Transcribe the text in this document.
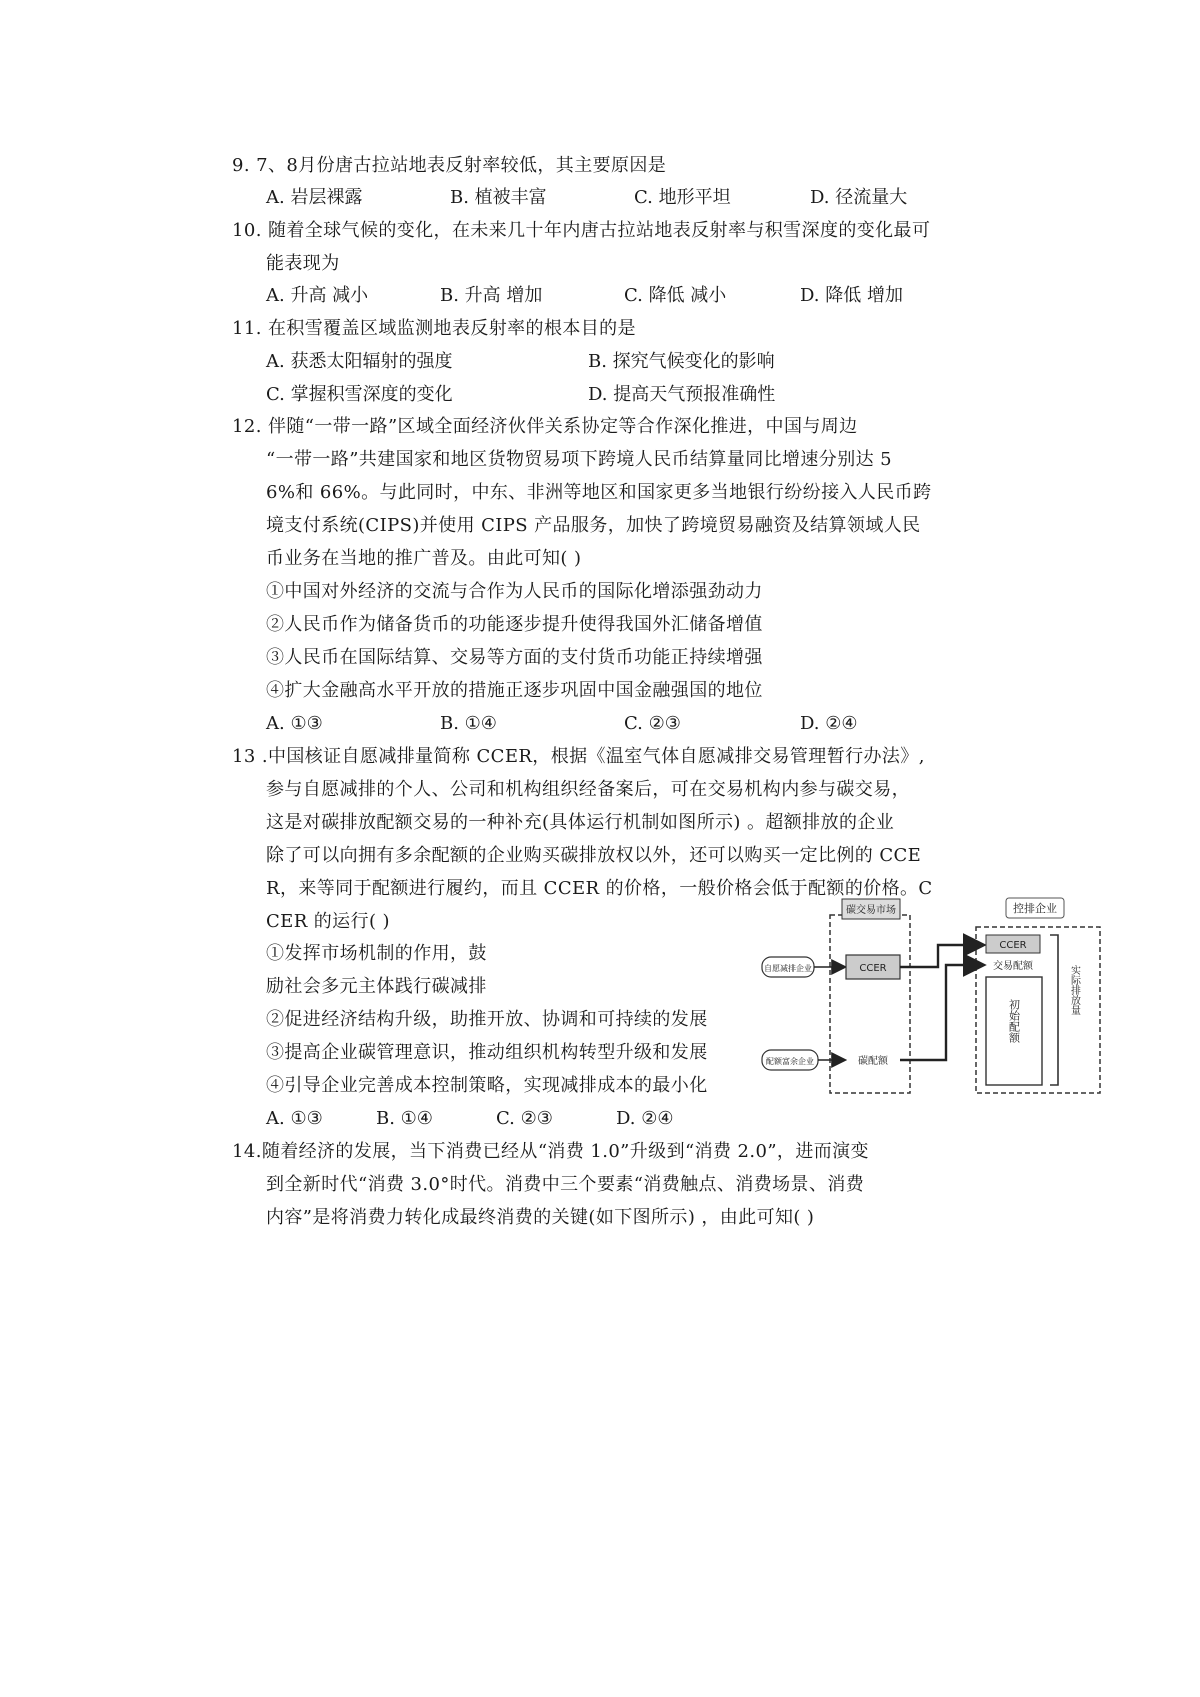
9. 7、8月份唐古拉站地表反射率较低，其主要原因是
A. 岩层裸露	B. 植被丰富	C. 地形平坦	D. 径流量大
10. 随着全球气候的变化，在未来几十年内唐古拉站地表反射率与积雪深度的变化最可
能表现为
A. 升高 减小	B. 升高 增加	C. 降低 减小	D. 降低 增加
11. 在积雪覆盖区域监测地表反射率的根本目的是
A. 获悉太阳辐射的强度	B. 探究气候变化的影响
C. 掌握积雪深度的变化	D. 提高天气预报准确性
12. 伴随“一带一路”区域全面经济伙伴关系协定等合作深化推进，中国与周边
“一带一路”共建国家和地区货物贸易项下跨境人民币结算量同比增速分别达 5
6%和 66%。与此同时，中东、非洲等地区和国家更多当地银行纷纷接入人民币跨
境支付系统(CIPS)并使用 CIPS 产品服务，加快了跨境贸易融资及结算领域人民
币业务在当地的推广普及。由此可知( )
①中国对外经济的交流与合作为人民币的国际化增添强劲动力
②人民币作为储备货币的功能逐步提升使得我国外汇储备增值
③人民币在国际结算、交易等方面的支付货币功能正持续增强
④扩大金融高水平开放的措施正逐步巩固中国金融强国的地位
A. ①③	B. ①④	C. ②③	D. ②④
13 .中国核证自愿减排量简称 CCER，根据《温室气体自愿减排交易管理暂行办法》,
参与自愿减排的个人、公司和机构组织经备案后，可在交易机构内参与碳交易，
这是对碳排放配额交易的一种补充(具体运行机制如图所示) 。超额排放的企业
除了可以向拥有多余配额的企业购买碳排放权以外，还可以购买一定比例的 CCE
R，来等同于配额进行履约，而且 CCER 的价格，一般价格会低于配额的价格。C
CER 的运行( )
①发挥市场机制的作用，鼓
励社会多元主体践行碳减排
②促进经济结构升级，助推开放、协调和可持续的发展
③提高企业碳管理意识，推动组织机构转型升级和发展
④引导企业完善成本控制策略，实现减排成本的最小化
A. ①③	B. ①④	C. ②③	D. ②④
碳交易市场	控排企业
自愿减排企业	CCER
配额富余企业	碳配额
CCER
交易配额
初始配额
实际排放量
14.随着经济的发展，当下消费已经从“消费 1.0”升级到“消费 2.0”，进而演变
到全新时代“消费 3.0°时代。消费中三个要素“消费触点、消费场景、消费
内容”是将消费力转化成最终消费的关键(如下图所示) ，由此可知( )
